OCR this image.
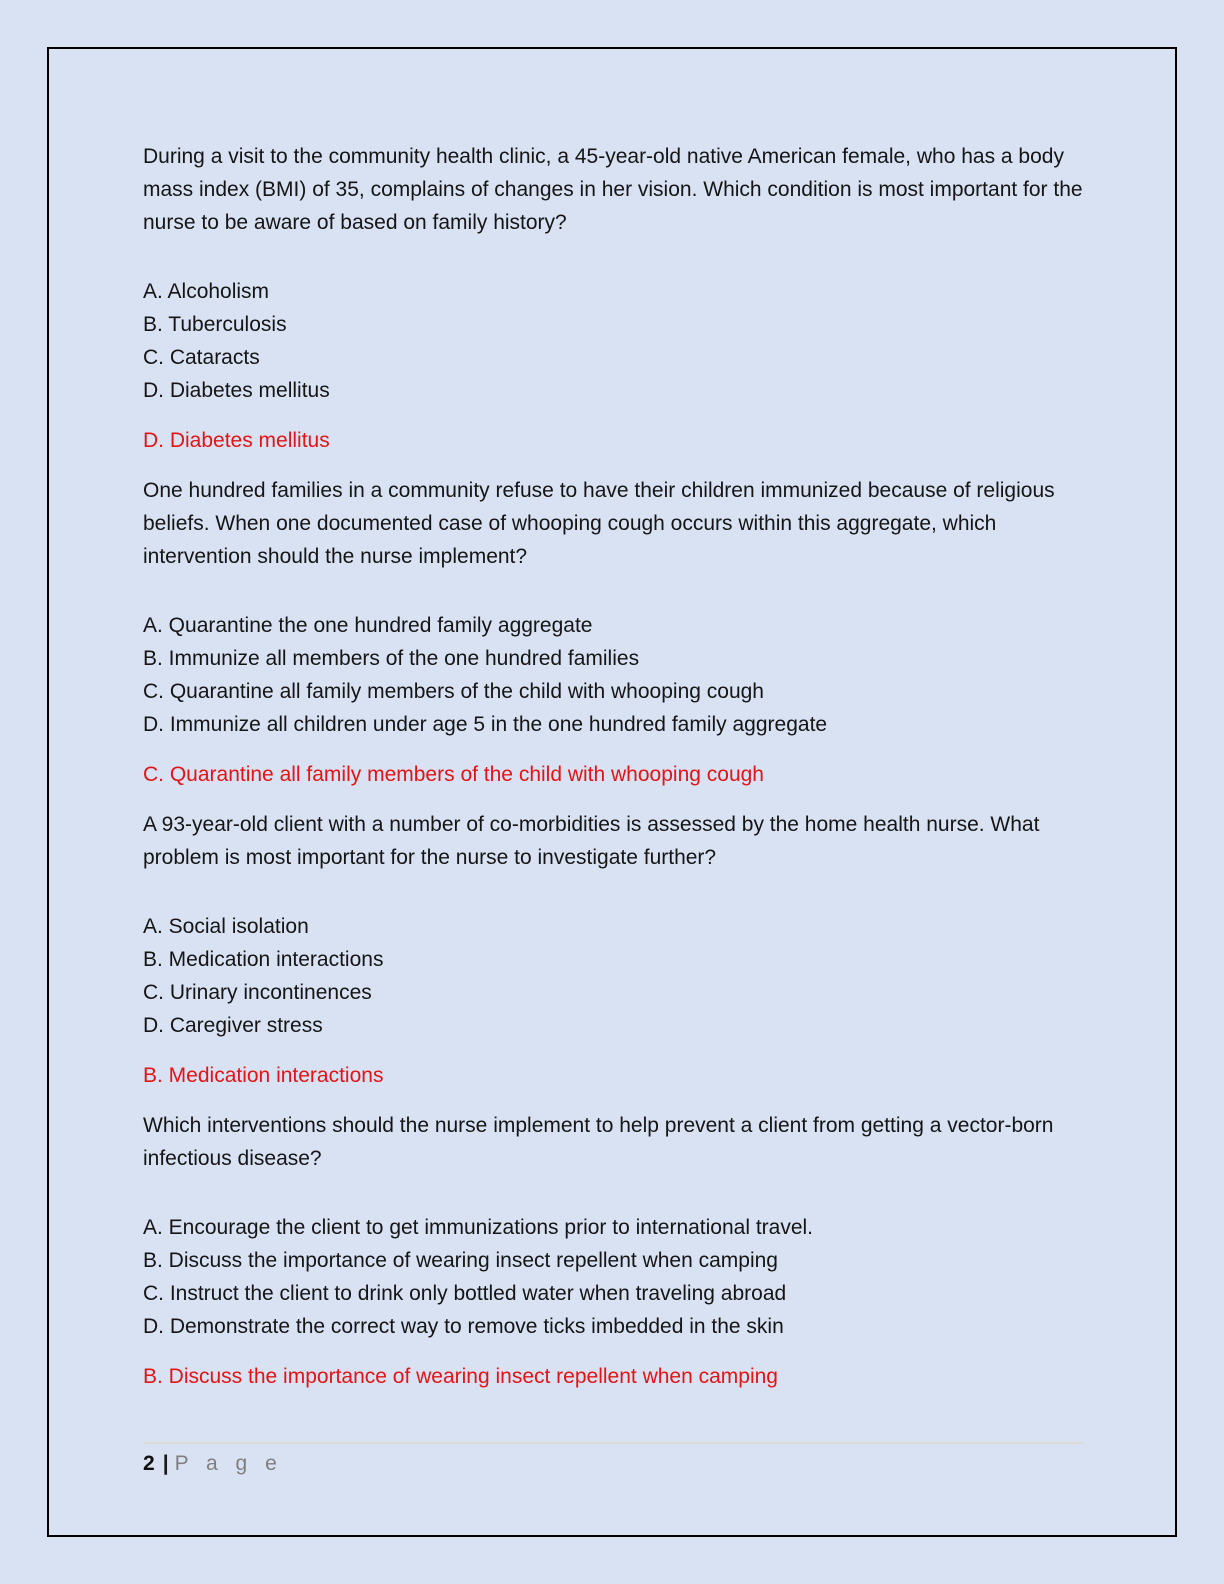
During a visit to the community health clinic, a 45-year-old native American female, who has a body mass index (BMI) of 35, complains of changes in her vision. Which condition is most important for the nurse to be aware of based on family history?

A. Alcoholism
B. Tuberculosis
C. Cataracts
D. Diabetes mellitus

D. Diabetes mellitus

One hundred families in a community refuse to have their children immunized because of religious beliefs. When one documented case of whooping cough occurs within this aggregate, which intervention should the nurse implement?

A. Quarantine the one hundred family aggregate
B. Immunize all members of the one hundred families
C. Quarantine all family members of the child with whooping cough
D. Immunize all children under age 5 in the one hundred family aggregate

C. Quarantine all family members of the child with whooping cough

A 93-year-old client with a number of co-morbidities is assessed by the home health nurse. What problem is most important for the nurse to investigate further?

A. Social isolation
B. Medication interactions
C. Urinary incontinences
D. Caregiver stress

B. Medication interactions

Which interventions should the nurse implement to help prevent a client from getting a vector-born infectious disease?

A. Encourage the client to get immunizations prior to international travel.
B. Discuss the importance of wearing insect repellent when camping
C. Instruct the client to drink only bottled water when traveling abroad
D. Demonstrate the correct way to remove ticks imbedded in the skin

B. Discuss the importance of wearing insect repellent when camping

2 | P a g e
